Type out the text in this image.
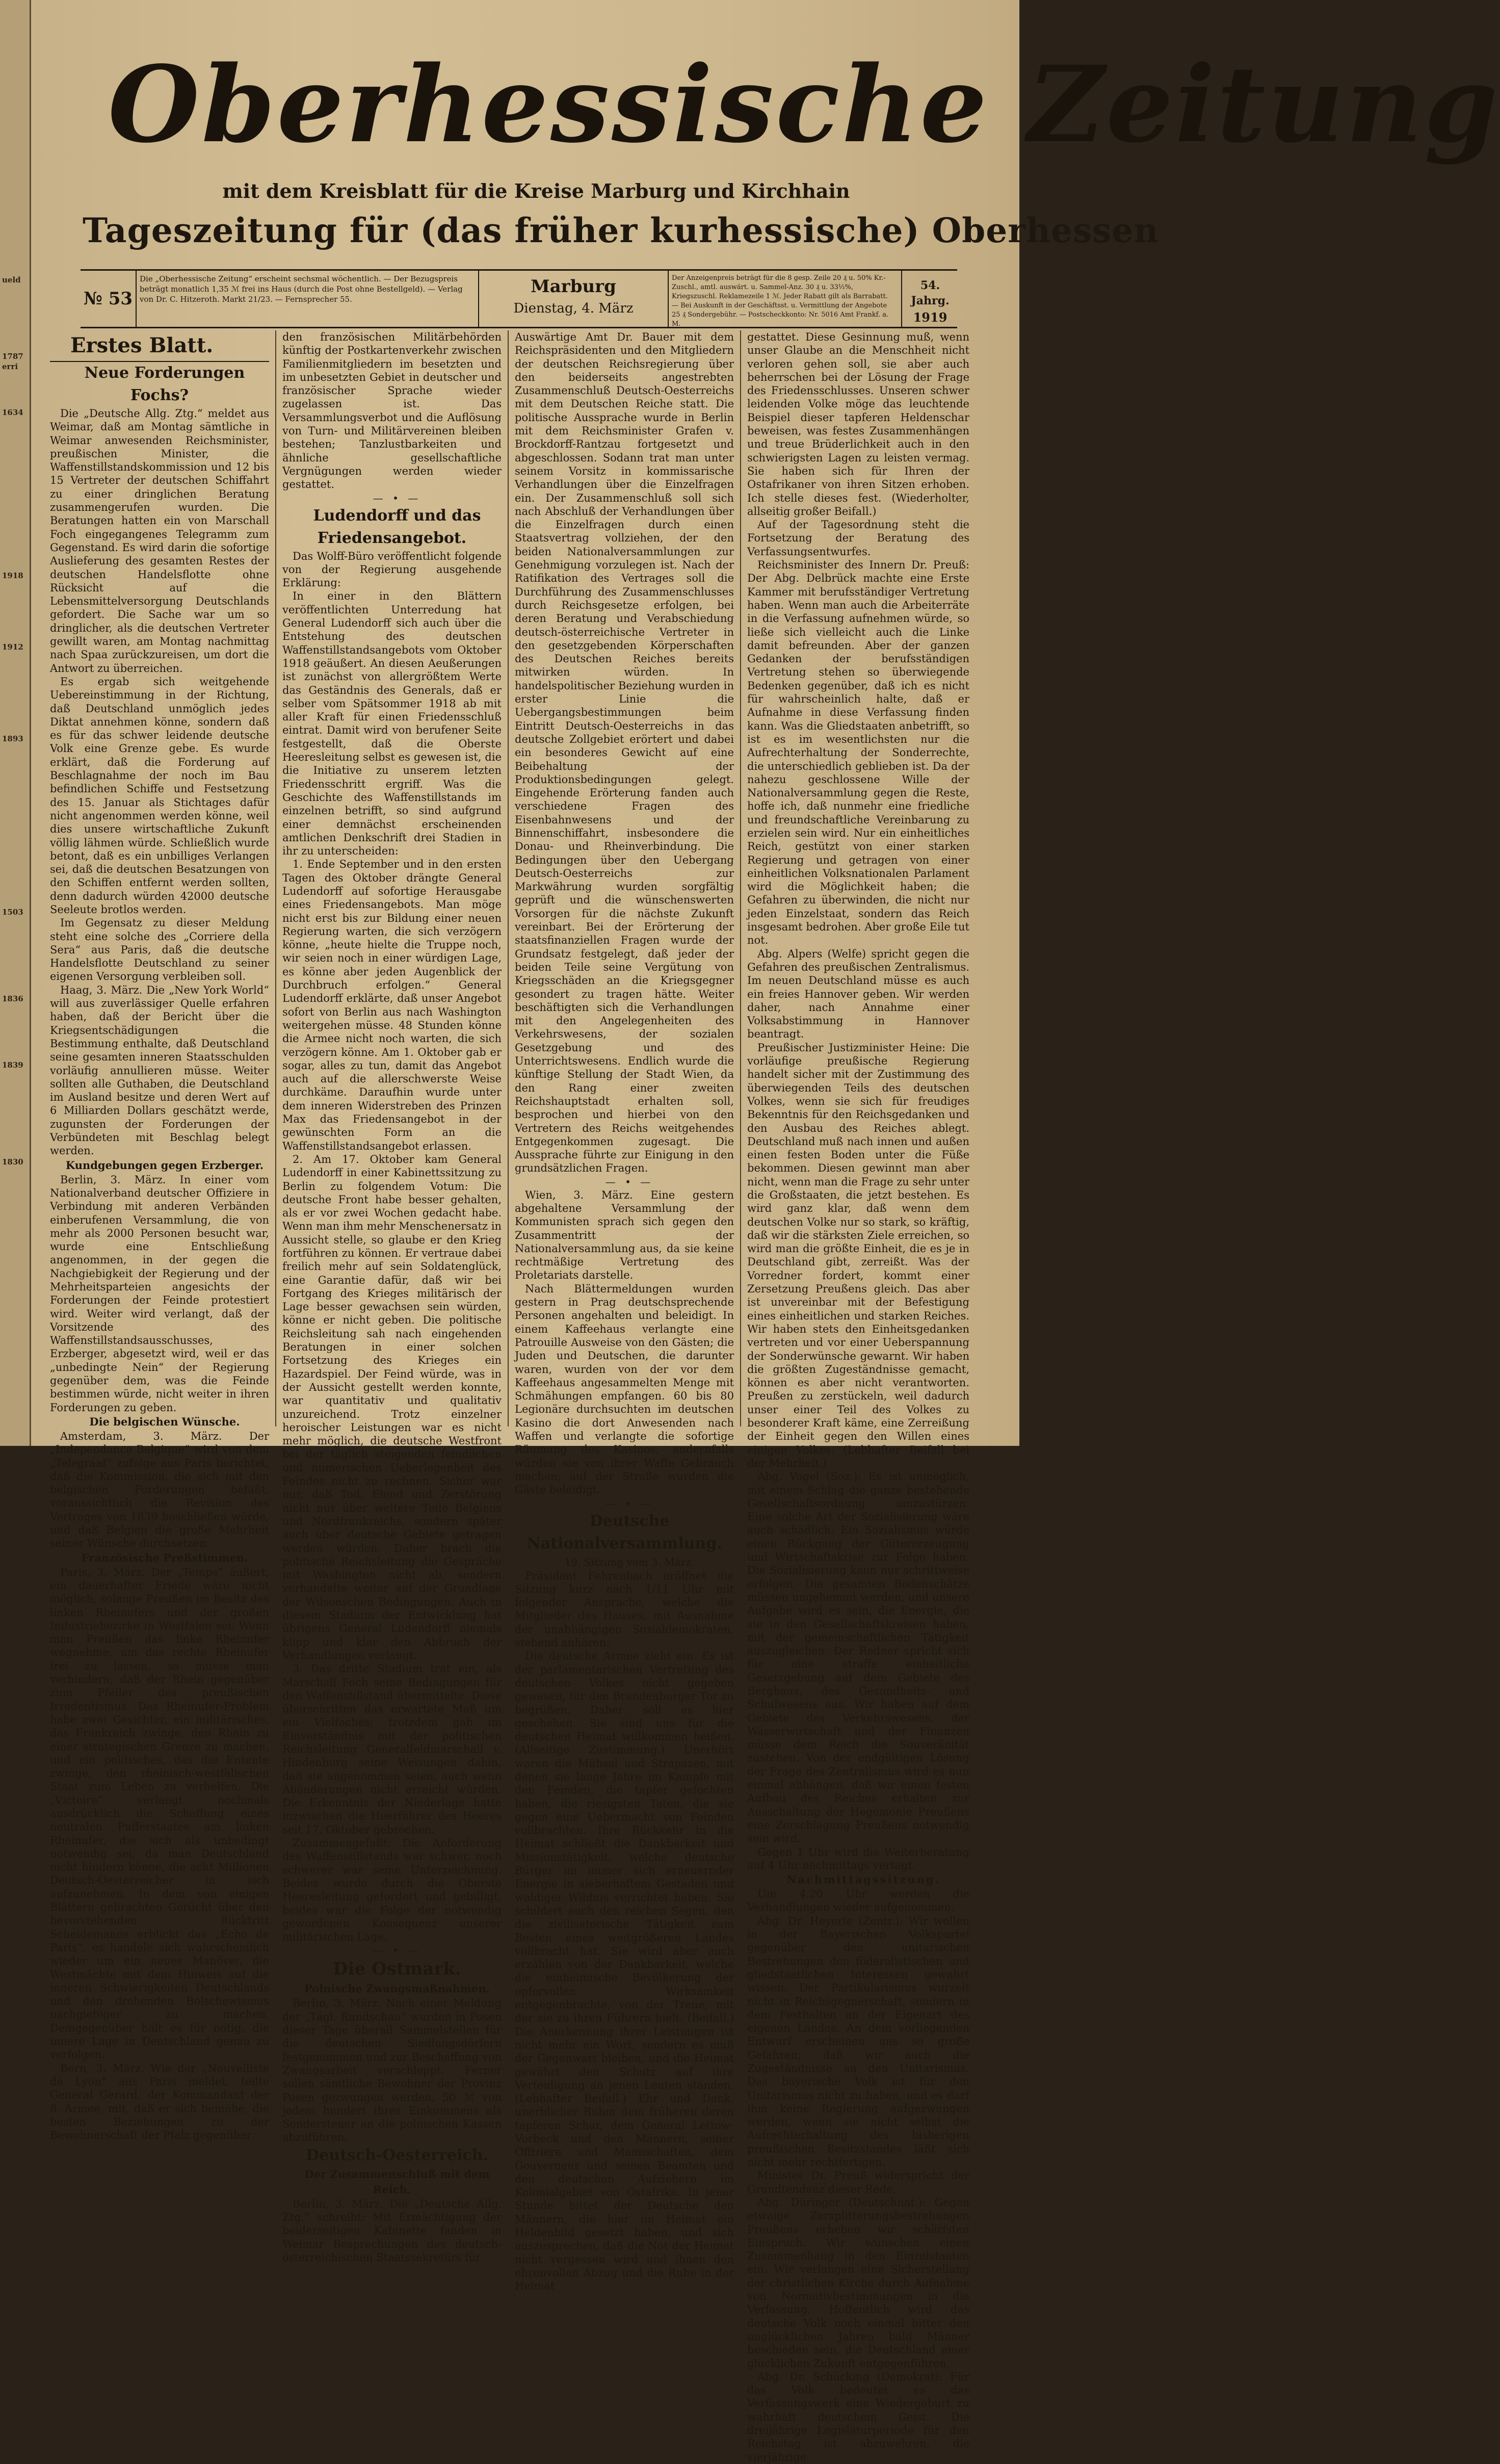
ueld
1787
erri
1634
1918
1912
1893
1503
1836
1839
1830
Oberhessische Zeitung
mit dem Kreisblatt für die Kreise Marburg und Kirchhain
Tageszeitung für (das früher kurhessische) Oberhessen
№ 53
Die „Oberhessische Zeitung“ erscheint sechsmal wöchentlich. — Der Bezugspreis beträgt monatlich 1,35 ℳ frei ins Haus (durch die Post ohne Bestellgeld). — Verlag von Dr. C. Hitzeroth. Markt 21/23. — Fernsprecher 55.
Marburg
Dienstag, 4. März
Der Anzeigenpreis beträgt für die 8 gesp. Zeile 20 ₰ u. 50% Kr.-Zuschl., amtl. auswärt. u. Sammel-Anz. 30 ₰ u. 33⅓%, Kriegszuschl. Reklamezeile 1 ℳ. Jeder Rabatt gilt als Barrabatt. — Bei Auskunft in der Geschäftsst. u. Vermittlung der Angebote 25 ₰ Sondergebühr. — Postscheckkonto: Nr. 5016 Amt Frankf. a. M.
54. Jahrg.
1919

Erstes Blatt.

Neue Forderungen Fochs?

Die „Deutsche Allg. Ztg.“ meldet aus Weimar, daß am Montag sämtliche in Weimar anwesenden Reichsminister, preußischen Minister, die Waffenstillstandskommission und 12 bis 15 Vertreter der deutschen Schiffahrt zu einer dringlichen Beratung zusammengerufen wurden. Die Beratungen hatten ein von Marschall Foch eingegangenes Telegramm zum Gegenstand. Es wird darin die sofortige Auslieferung des gesamten Restes der deutschen Handelsflotte ohne Rücksicht auf die Lebensmittelversorgung Deutschlands gefordert. Die Sache war um so dringlicher, als die deutschen Vertreter gewillt waren, am Montag nachmittag nach Spaa zurückzureisen, um dort die Antwort zu überreichen.

Es ergab sich weitgehende Uebereinstimmung in der Richtung, daß Deutschland unmöglich jedes Diktat annehmen könne, sondern daß es für das schwer leidende deutsche Volk eine Grenze gebe. Es wurde erklärt, daß die Forderung auf Beschlagnahme der noch im Bau befindlichen Schiffe und Festsetzung des 15. Januar als Stichtages dafür nicht angenommen werden könne, weil dies unsere wirtschaftliche Zukunft völlig lähmen würde. Schließlich wurde betont, daß es ein unbilliges Verlangen sei, daß die deutschen Besatzungen von den Schiffen entfernt werden sollten, denn dadurch würden 42000 deutsche Seeleute brotlos werden.

Im Gegensatz zu dieser Meldung steht eine solche des „Corriere della Sera“ aus Paris, daß die deutsche Handelsflotte Deutschland zu seiner eigenen Versorgung verbleiben soll.

Haag, 3. März. Die „New York World“ will aus zuverlässiger Quelle erfahren haben, daß der Bericht über die Kriegsentschädigungen die Bestimmung enthalte, daß Deutschland seine gesamten inneren Staatsschulden vorläufig annullieren müsse. Weiter sollten alle Guthaben, die Deutschland im Ausland besitze und deren Wert auf 6 Milliarden Dollars geschätzt werde, zugunsten der Forderungen der Verbündeten mit Beschlag belegt werden.

Kundgebungen gegen Erzberger.

Berlin, 3. März. In einer vom Nationalverband deutscher Offiziere in Verbindung mit anderen Verbänden einberufenen Versammlung, die von mehr als 2000 Personen besucht war, wurde eine Entschließung angenommen, in der gegen die Nachgiebigkeit der Regierung und der Mehrheitsparteien angesichts der Forderungen der Feinde protestiert wird. Weiter wird verlangt, daß der Vorsitzende des Waffenstillstandsausschusses, Erzberger, abgesetzt wird, weil er das „unbedingte Nein“ der Regierung gegenüber dem, was die Feinde bestimmen würde, nicht weiter in ihren Forderungen zu geben.

Die belgischen Wünsche.

Amsterdam, 3. März. Der „Independance Belgique“ wird von dem „Telegraaf“ zufolge aus Paris berichtet, daß die Kommission, die sich mit den belgischen Forderungen befaßt, voraussichtlich die Revision des Vertrages von 1839 beschließen würde, und daß Belgien die große Mehrheit seiner Wünsche durchsetzen.

Französische Preßstimmen.

Paris, 3. März. Der „Temps“ äußert, ein dauerhafter Friede wäre nicht möglich, solange Preußen im Besitz des linken Rheinufers und der großen Industriebezirke in Westfalen sei. Wenn man Preußen das linke Rheinufer wegnehme, um das rechte Rheinufer frei zu lassen, so müsse man verhindern, daß der Rhein gegenüber zum Pfeiler des preußischen Irredentismus. Das Rheinufer-Problem habe zwei Gesichter, ein militärisches, das Frankreich zwinge, den Rhein zu einer strategischen Grenze zu machen, und ein politisches, das die Entente zwinge, den rheinisch-westfälischen Staat zum Leben zu verhelfen. Die „Victoire“ verlangt nochmals ausdrücklich die Schaffung eines neutralen Pufferstaates am linken Rheinufer, die sich als unbedingt notwendig sei, da man Deutschland nicht hindern könne, die acht Millionen Deutsch-Oesterreicher in sich aufzunehmen. In dem von einigen Blättern gebrachten Gerücht über den bevorstehenden Rücktritt Scheidemanns erblickt das „Echo de Paris“, es handele sich wahrscheinlich wieder um ein neues Manöver, die Westmächte mit dem Hinweis auf die inneren Schwierigkeiten Deutschlands und den drohenden Bolschewismus nachgiebiger zu machen. Demgegenüber hält es für nötig, die innere Lage in Deutschland genau zu verfolgen.

Bern, 3. März. Wie der „Nouvelliste de Lyon“ aus Paris meldet, teilte General Gerard, der Kommandant der 8. Armee, mit, daß er sich bemühe, die besten Beziehungen zu der Bewohnerschaft der Pfalz gegenüber

den französischen Militärbehörden künftig der Postkartenverkehr zwischen Familienmitgliedern im besetzten und im unbesetzten Gebiet in deutscher und französischer Sprache wieder zugelassen ist. Das Versammlungsverbot und die Auflösung von Turn- und Militärvereinen bleiben bestehen; Tanzlustbarkeiten und ähnliche gesellschaftliche Vergnügungen werden wieder gestattet.

— • —

Ludendorff und das Friedensangebot.

Das Wolff-Büro veröffentlicht folgende von der Regierung ausgehende Erklärung:

In einer in den Blättern veröffentlichten Unterredung hat General Ludendorff sich auch über die Entstehung des deutschen Waffenstillstandsangebots vom Oktober 1918 geäußert. An diesen Aeußerungen ist zunächst von allergrößtem Werte das Geständnis des Generals, daß er selber vom Spätsommer 1918 ab mit aller Kraft für einen Friedensschluß eintrat. Damit wird von berufener Seite festgestellt, daß die Oberste Heeresleitung selbst es gewesen ist, die die Initiative zu unserem letzten Friedensschritt ergriff. Was die Geschichte des Waffenstillstands im einzelnen betrifft, so sind aufgrund einer demnächst erscheinenden amtlichen Denkschrift drei Stadien in ihr zu unterscheiden:

1. Ende September und in den ersten Tagen des Oktober drängte General Ludendorff auf sofortige Herausgabe eines Friedensangebots. Man möge nicht erst bis zur Bildung einer neuen Regierung warten, die sich verzögern könne, „heute hielte die Truppe noch, wir seien noch in einer würdigen Lage, es könne aber jeden Augenblick der Durchbruch erfolgen.“ General Ludendorff erklärte, daß unser Angebot sofort von Berlin aus nach Washington weitergehen müsse. 48 Stunden könne die Armee nicht noch warten, die sich verzögern könne. Am 1. Oktober gab er sogar, alles zu tun, damit das Angebot auch auf die allerschwerste Weise durchkäme. Daraufhin wurde unter dem inneren Widerstreben des Prinzen Max das Friedensangebot in der gewünschten Form an die Waffenstillstandsangebot erlassen.

2. Am 17. Oktober kam General Ludendorff in einer Kabinettssitzung zu Berlin zu folgendem Votum: Die deutsche Front habe besser gehalten, als er vor zwei Wochen gedacht habe. Wenn man ihm mehr Menschenersatz in Aussicht stelle, so glaube er den Krieg fortführen zu können. Er vertraue dabei freilich mehr auf sein Soldatenglück, eine Garantie dafür, daß wir bei Fortgang des Krieges militärisch der Lage besser gewachsen sein würden, könne er nicht geben. Die politische Reichsleitung sah nach eingehenden Beratungen in einer solchen Fortsetzung des Krieges ein Hazardspiel. Der Feind würde, was in der Aussicht gestellt werden konnte, war quantitativ und qualitativ unzureichend. Trotz einzelner heroischer Leistungen war es nicht mehr möglich, die deutsche Westfront bei der täglich steigenden feindlichen und numerischen Ueberlegenheit des Feindes nicht zu rechnen. Sicher war nur, daß Tod, Elend und Zerstörung nicht nur über weitere Teile Belgiens und Nordfrankreichs, sondern später auch über deutsche Gebiete getragen werden würden. Daher brach die politische Reichsleitung die Gespräche mit Washington nicht ab, sondern verhandelte weiter auf der Grundlage der Wilsonschen Bedingungen. Auch in diesem Stadium der Entwicklung hat übrigens General Ludendorff niemals klipp und klar den Abbruch der Verhandlungen verlangt.

3. Das dritte Stadium trat ein, als Marschall Foch seine Bedingungen für den Waffenstillstand übermittelte. Diese überschritten das erwartete Maß um ein Vielfaches; trotzdem gab im Einverständnis mit der politischen Reichsleitung Generalfeldmarschall v. Hindenburg seine Weisungen dahin, daß sie angenommen seien, auch wenn Abänderungen nicht erreicht würden. Die Erkenntnis der Niederlage hatte inzwischen die Heerführer des Heeres seit 17. Oktober gebrochen.

Zusammengefaßt: Die Anforderung des Waffenstillstands war schwer, noch schwerer war seine Unterzeichnung. Beides wurde durch die Oberste Heeresleitung gefordert und gebilligt, beides war die Folge der notwendig gewordenen Konsequenz unserer militärischen Lage.

— • —

Die Ostmark.

Polnische Zwangsmaßnahmen.

Berlin, 3. März. Nach einer Meldung der „Tägl. Rundschau“ wurden in Posen dieser Tage überall Sammelstellen für die deutschen Siedlungsdörfern festgenommen und zur Beschaffung von Zwangsarbeit verschleppt. Ferner sollen sämtliche Bewohner der Provinz Posen gezwungen werden, 50 ℳ von jedem hundert ihres Einkommens als Sondersteuer an die polnischen Kassen abzuführen.

Deutsch-Oesterreich.

Der Zusammenschluß mit dem Reich.

Berlin, 3. März. Die „Deutsche Allg. Ztg.“ schreibt: Mit Ermächtigung der beiderseitigen Kabinette fanden in Weimar Besprechungen des deutsch-österreichischen Staatssekretärs für

Auswärtige Amt Dr. Bauer mit dem Reichspräsidenten und den Mitgliedern der deutschen Reichsregierung über den beiderseits angestrebten Zusammenschluß Deutsch-Oesterreichs mit dem Deutschen Reiche statt. Die politische Aussprache wurde in Berlin mit dem Reichsminister Grafen v. Brockdorff-Rantzau fortgesetzt und abgeschlossen. Sodann trat man unter seinem Vorsitz in kommissarische Verhandlungen über die Einzelfragen ein. Der Zusammenschluß soll sich nach Abschluß der Verhandlungen über die Einzelfragen durch einen Staatsvertrag vollziehen, der den beiden Nationalversammlungen zur Genehmigung vorzulegen ist. Nach der Ratifikation des Vertrages soll die Durchführung des Zusammenschlusses durch Reichsgesetze erfolgen, bei deren Beratung und Verabschiedung deutsch-österreichische Vertreter in den gesetzgebenden Körperschaften des Deutschen Reiches bereits mitwirken würden. In handelspolitischer Beziehung wurden in erster Linie die Uebergangsbestimmungen beim Eintritt Deutsch-Oesterreichs in das deutsche Zollgebiet erörtert und dabei ein besonderes Gewicht auf eine Beibehaltung der Produktionsbedingungen gelegt. Eingehende Erörterung fanden auch verschiedene Fragen des Eisenbahnwesens und der Binnenschiffahrt, insbesondere die Donau- und Rheinverbindung. Die Bedingungen über den Uebergang Deutsch-Oesterreichs zur Markwährung wurden sorgfältig geprüft und die wünschenswerten Vorsorgen für die nächste Zukunft vereinbart. Bei der Erörterung der staatsfinanziellen Fragen wurde der Grundsatz festgelegt, daß jeder der beiden Teile seine Vergütung von Kriegsschäden an die Kriegsgegner gesondert zu tragen hätte. Weiter beschäftigten sich die Verhandlungen mit den Angelegenheiten des Verkehrswesens, der sozialen Gesetzgebung und des Unterrichtswesens. Endlich wurde die künftige Stellung der Stadt Wien, da den Rang einer zweiten Reichshauptstadt erhalten soll, besprochen und hierbei von den Vertretern des Reichs weitgehendes Entgegenkommen zugesagt. Die Aussprache führte zur Einigung in den grundsätzlichen Fragen.

— • —

Wien, 3. März. Eine gestern abgehaltene Versammlung der Kommunisten sprach sich gegen den Zusammentritt der Nationalversammlung aus, da sie keine rechtmäßige Vertretung des Proletariats darstelle.

Nach Blättermeldungen wurden gestern in Prag deutschsprechende Personen angehalten und beleidigt. In einem Kaffeehaus verlangte eine Patrouille Ausweise von den Gästen; die Juden und Deutschen, die darunter waren, wurden von der vor dem Kaffeehaus angesammelten Menge mit Schmähungen empfangen. 60 bis 80 Legionäre durchsuchten im deutschen Kasino die dort Anwesenden nach Waffen und verlangte die sofortige Räumung des Kasinos, andernfalls würden sie von ihrer Waffe Gebrauch machen; auf der Straße wurden die Gäste beleidigt.

— • —

Deutsche Nationalversammlung.

19. Sitzung vom 3. März.

Präsident Fehrenbach eröffnet die Sitzung kurz nach 1/11 Uhr mit folgender Ansprache, welche die Mitglieder des Hauses, mit Ausnahme der unabhängigen Sozialdemokraten, stehend anhören:

Die deutsche Armee zieht ein. Es ist der parlamentarischen Vertretung des deutschen Volkes nicht gegeben gewesen, für den Brandenburger Tor zu begrüßen. Daher soll es hier geschehen. Sie sind uns für die deutschen Heimat willkommen heißen. (Allseitige Zustimmung.) Unerhört waren die Mühsal und Strapazen, mit denen sie lange Jahre im Kampfe mit den Feinden, die tapfer gefochten haben, die riesigsten Taten, die sie gegen eine Uebermacht von Feinden vollbrachten. Ihre Rückkehr in die Heimat schließt die Dankbarkeit und Missionstätigkeit, welche deutsche Bürger im immer sich erneuernder Energie in sieberhaftem Gestaden und waldiger Wildnis verrichtet haben. Sie schildert auch den reichen Segen, den die zivilisatorische Tätigkeit zum Besten eines weitgrößeren Landes vollbracht hat. Sie wird aber auch erzählen von der Dankbarkeit, welche die einheimische Bevölkerung der opfervollen Wirksamkeit entgegenbrachte, von der Treue, mit der sie zu ihren Führern hielt. (Beifall.) Die Anerkennung ihrer Leistungen ist nicht mehr ein Wort, sondern es muß der Gegenwart bleiben, und die Heimat gewährt den Schutz auf ihre Verteidigung an jenen Leuten standen. (Lebhafter Beifall.) Ehr und Dank, unerblicher Ruhm dem früheren deren tapferen Schar, dem General Lettow-Vorbeck und den Männern, seiner Offiziere und Mannschaften, dem Gouverneur und seinen Beamten und den deutschen Aufziehern im Kolonialgebiet von Ostafrika. In jener Stunde bittet der Deutsche den Männern, die hier im Heimat ein Heldenbild gesetzt haben, und sich auszusprechen, daß die Not der Heimat nicht vergessen wird und ihnen den ehrenvollen Abzug und die Ruhe in der Heimat

gestattet. Diese Gesinnung muß, wenn unser Glaube an die Menschheit nicht verloren gehen soll, sie aber auch beherrschen bei der Lösung der Frage des Friedensschlusses. Unseren schwer leidenden Volke möge das leuchtende Beispiel dieser tapferen Heldenschar beweisen, was festes Zusammenhängen und treue Brüderlichkeit auch in den schwierigsten Lagen zu leisten vermag. Sie haben sich für Ihren der Ostafrikaner von ihren Sitzen erhoben. Ich stelle dieses fest. (Wiederholter, allseitig großer Beifall.)

Auf der Tagesordnung steht die Fortsetzung der Beratung des Verfassungsentwurfes.

Reichsminister des Innern Dr. Preuß: Der Abg. Delbrück machte eine Erste Kammer mit berufsständiger Vertretung haben. Wenn man auch die Arbeiterräte in die Verfassung aufnehmen würde, so ließe sich vielleicht auch die Linke damit befreunden. Aber der ganzen Gedanken der berufsständigen Vertretung stehen so überwiegende Bedenken gegenüber, daß ich es nicht für wahrscheinlich halte, daß er Aufnahme in diese Verfassung finden kann. Was die Gliedstaaten anbetrifft, so ist es im wesentlichsten nur die Aufrechterhaltung der Sonderrechte, die unterschiedlich geblieben ist. Da der nahezu geschlossene Wille der Nationalversammlung gegen die Reste, hoffe ich, daß nunmehr eine friedliche und freundschaftliche Vereinbarung zu erzielen sein wird. Nur ein einheitliches Reich, gestützt von einer starken Regierung und getragen von einer einheitlichen Volksnationalen Parlament wird die Möglichkeit haben; die Gefahren zu überwinden, die nicht nur jeden Einzelstaat, sondern das Reich insgesamt bedrohen. Aber große Eile tut not.

Abg. Alpers (Welfe) spricht gegen die Gefahren des preußischen Zentralismus. Im neuen Deutschland müsse es auch ein freies Hannover geben. Wir werden daher, nach Annahme einer Volksabstimmung in Hannover beantragt.

Preußischer Justizminister Heine: Die vorläufige preußische Regierung handelt sicher mit der Zustimmung des überwiegenden Teils des deutschen Volkes, wenn sie sich für freudiges Bekenntnis für den Reichsgedanken und den Ausbau des Reiches ablegt. Deutschland muß nach innen und außen einen festen Boden unter die Füße bekommen. Diesen gewinnt man aber nicht, wenn man die Frage zu sehr unter die Großstaaten, die jetzt bestehen. Es wird ganz klar, daß wenn dem deutschen Volke nur so stark, so kräftig, daß wir die stärksten Ziele erreichen, so wird man die größte Einheit, die es je in Deutschland gibt, zerreißt. Was der Vorredner fordert, kommt einer Zersetzung Preußens gleich. Das aber ist unvereinbar mit der Befestigung eines einheitlichen und starken Reiches. Wir haben stets den Einheitsgedanken vertreten und vor einer Ueberspannung der Sonderwünsche gewarnt. Wir haben die größten Zugeständnisse gemacht, können es aber nicht verantworten. Preußen zu zerstückeln, weil dadurch unser einer Teil des Volkes zu besonderer Kraft käme, eine Zerreißung der Einheit gegen den Willen eines einigen Volkes. (Lebhafter Beifall bei der Mehrheit.)

Abg. Vogel (Soz.): Es ist unmöglich, mit einem Schlag die ganze bestehende Gesellschaftsordnung umzustürzen. Eine solche Art der Sozialisierung wäre auch schädlich. Ein Sozialismus würde einen Rückgang der Gütererzeugung und Wirtschaftskrise zur Folge haben. Die Sozialisierung kann nur schrittweise erfolgen. Die gesamten Bodenschätze müssen ungehemmt werden, und unsere Aufgabe wird es sein, die Energie, die sie in den Gesellschaftskreisen haben, mit der gemeinschaftlichen Tätigkeit auszugleichen. Der Redner spricht sich für eine straffe einheitliche Gesetzgebung auf dem Gebiete des Bergbaus, des Gesundheits- und Schulwesens aus. Wir haben auf dem Gebiete des Verkehrswesens, der Wasserwirtschaft und der Finanzen müsse dem Reich die Souveränität zustehen. Von der endgültigen Lösung der Frage des Zentralismus wird es nun einmal abhängen, daß wir einen festen Aufbau des Reiches erhalten zur Ausschaltung der Hegemonie Preußens eine Zerschlagung Preußens notwendig sein wird.

Gegen 1 Uhr wird die Weiterberatung auf 4 Uhr nachmittags vertagt.

Nachmittagssitzung.

Um 4.20 Uhr werden die Verhandlungen wieder aufgenommen.

Abg. Dr. Heyerle (Zentr.): Wir wollen in der Bayerischen Volkspartei gegenüber den unitarischen Bestrebungen den föderalistischen und gliedstaatlichen Interessen gewahrt wissen. Der Partikularismus wurzelt nicht in Reichsgegnerschaft, sondern in dem Festhalten an der Eigenart des eigenen Landes. An dem vorliegenden Entwurf erscheinen uns so große Gefahren, daß wir auch die Zugeständnisse an den Unitarismus. Das bayerische Volk ist für den Unitarismus nicht zu haben, und es darf ihm keine Regierung aufgezwungen werden, wenn sie nicht selbst die Aufrechterhaltung des bisherigen preußischen Besitzstandes läßt sich nicht mehr rechtfertigen.

Minister Dr. Preuß widerspricht der Grundtendenz dieser Rede.

Abg. Düringer (Deutschnat.): Gegen etwaige Zersplitterungsbestrebungen Preußens erheben wir schärfsten Einspruch. Wir wünschen einen Zusammenhang in den Einzelstaaten ein. Wir verlangen eine Sicherstellung der christlichen Kirche durch Aufnahme von Normativbestimmungen in die Verfassung. Hoffentlich wird das deutsche Volk noch einmal bitter den unglücklichen Jahren bald Männer beschieden sein, die Deutschland einer glücklichen Zukunft entgegenführen.

Abg. Dr. Schücking (Demokrat): Für das Volk bedeutet es das Verfassungswerk eine Wiedergeburt zu wahrhaft deutschem Geist. Die dreijährige Legislaturperiode für den Reichstag ist abzuwehren, die vierjährige
